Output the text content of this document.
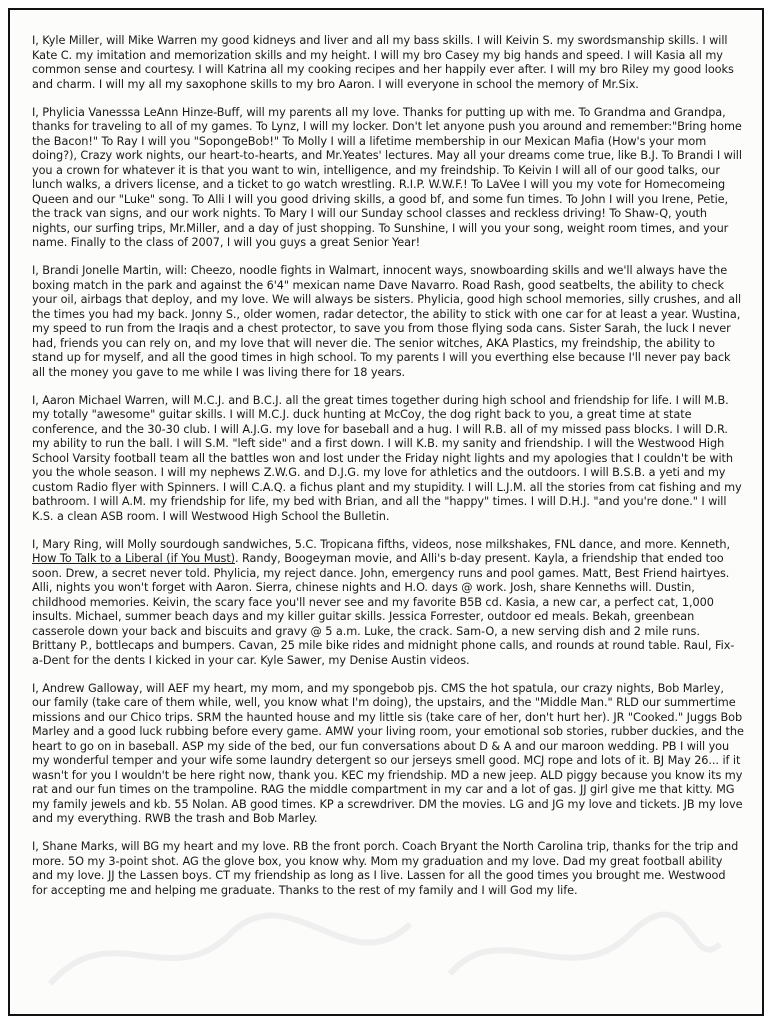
I, Kyle Miller, will Mike Warren my good kidneys and liver and all my bass skills. I will Keivin S. my swordsmanship skills. I will Kate C. my imitation and memorization skills and my height. I will my bro Casey my big hands and speed. I will Kasia all my common sense and courtesy. I will Katrina all my cooking recipes and her happily ever after. I will my bro Riley my good looks and charm. I will my all my saxophone skills to my bro Aaron. I will everyone in school the memory of Mr.Six.

I, Phylicia Vanesssa LeAnn Hinze-Buff, will my parents all my love. Thanks for putting up with me. To Grandma and Grandpa, thanks for traveling to all of my games. To Lynz, I will my locker. Don't let anyone push you around and remember:"Bring home the Bacon!" To Ray I will you "SopongeBob!" To Molly I will a lifetime membership in our Mexican Mafia (How's your mom doing?), Crazy work nights, our heart-to-hearts, and Mr.Yeates' lectures. May all your dreams come true, like B.J. To Brandi I will you a crown for whatever it is that you want to win, intelligence, and my freindship. To Keivin I will all of our good talks, our lunch walks, a drivers license, and a ticket to go watch wrestling. R.I.P. W.W.F.! To LaVee I will you my vote for Homecomeing Queen and our "Luke" song. To Alli I will you good driving skills, a good bf, and some fun times. To John I will you Irene, Petie, the track van signs, and our work nights. To Mary I will our Sunday school classes and reckless driving! To Shaw-Q, youth nights, our surfing trips, Mr.Miller, and a day of just shopping. To Sunshine, I will you your song, weight room times, and your name. Finally to the class of 2007, I will you guys a great Senior Year!

I, Brandi Jonelle Martin, will: Cheezo, noodle fights in Walmart, innocent ways, snowboarding skills and we'll always have the boxing match in the park and against the 6'4" mexican name Dave Navarro. Road Rash, good seatbelts, the ability to check your oil, airbags that deploy, and my love. We will always be sisters. Phylicia, good high school memories, silly crushes, and all the times you had my back. Jonny S., older women, radar detector, the ability to stick with one car for at least a year. Wustina, my speed to run from the Iraqis and a chest protector, to save you from those flying soda cans. Sister Sarah, the luck I never had, friends you can rely on, and my love that will never die. The senior witches, AKA Plastics, my freindship, the ability to stand up for myself, and all the good times in high school. To my parents I will you everthing else because I'll never pay back all the money you gave to me while I was living there for 18 years.

I, Aaron Michael Warren, will M.C.J. and B.C.J. all the great times together during high school and friendship for life. I will M.B. my totally "awesome" guitar skills. I will M.C.J. duck hunting at McCoy, the dog right back to you, a great time at state conference, and the 30-30 club. I will A.J.G. my love for baseball and a hug. I will R.B. all of my missed pass blocks. I will D.R. my ability to run the ball. I will S.M. "left side" and a first down. I will K.B. my sanity and friendship. I will the Westwood High School Varsity football team all the battles won and lost under the Friday night lights and my apologies that I couldn't be with you the whole season. I will my nephews Z.W.G. and D.J.G. my love for athletics and the outdoors. I will B.S.B. a yeti and my custom Radio flyer with Spinners. I will C.A.Q. a fichus plant and my stupidity. I will L.J.M. all the stories from cat fishing and my bathroom. I will A.M. my friendship for life, my bed with Brian, and all the "happy" times. I will D.H.J. "and you're done." I will K.S. a clean ASB room. I will Westwood High School the Bulletin.

I, Mary Ring, will Molly sourdough sandwiches, 5.C. Tropicana fifths, videos, nose milkshakes, FNL dance, and more. Kenneth, How To Talk to a Liberal (if You Must). Randy, Boogeyman movie, and Alli's b-day present. Kayla, a friendship that ended too soon. Drew, a secret never told. Phylicia, my reject dance. John, emergency runs and pool games. Matt, Best Friend hairtyes. Alli, nights you won't forget with Aaron. Sierra, chinese nights and H.O. days @ work. Josh, share Kenneths will. Dustin, childhood memories. Keivin, the scary face you'll never see and my favorite B5B cd. Kasia, a new car, a perfect cat, 1,000 insults. Michael, summer beach days and my killer guitar skills. Jessica Forrester, outdoor ed meals. Bekah, greenbean casserole down your back and biscuits and gravy @ 5 a.m. Luke, the crack. Sam-O, a new serving dish and 2 mile runs. Brittany P., bottlecaps and bumpers. Cavan, 25 mile bike rides and midnight phone calls, and rounds at round table. Raul, Fix-a-Dent for the dents I kicked in your car. Kyle Sawer, my Denise Austin videos.

I, Andrew Galloway, will AEF my heart, my mom, and my spongebob pjs. CMS the hot spatula, our crazy nights, Bob Marley, our family (take care of them while, well, you know what I'm doing), the upstairs, and the "Middle Man." RLD our summertime missions and our Chico trips. SRM the haunted house and my little sis (take care of her, don't hurt her). JR "Cooked." Juggs Bob Marley and a good luck rubbing before every game. AMW your living room, your emotional sob stories, rubber duckies, and the heart to go on in baseball. ASP my side of the bed, our fun conversations about D & A and our maroon wedding. PB I will you my wonderful temper and your wife some laundry detergent so our jerseys smell good. MCJ rope and lots of it. BJ May 26... if it wasn't for you I wouldn't be here right now, thank you. KEC my friendship. MD a new jeep. ALD piggy because you know its my rat and our fun times on the trampoline. RAG the middle compartment in my car and a lot of gas. JJ girl give me that kitty. MG my family jewels and kb. 55 Nolan. AB good times. KP a screwdriver. DM the movies. LG and JG my love and tickets. JB my love and my everything. RWB the trash and Bob Marley.

I, Shane Marks, will BG my heart and my love. RB the front porch. Coach Bryant the North Carolina trip, thanks for the trip and more. 5O my 3-point shot. AG the glove box, you know why. Mom my graduation and my love. Dad my great football ability and my love. JJ the Lassen boys. CT my friendship as long as I live. Lassen for all the good times you brought me. Westwood for accepting me and helping me graduate. Thanks to the rest of my family and I will God my life.
